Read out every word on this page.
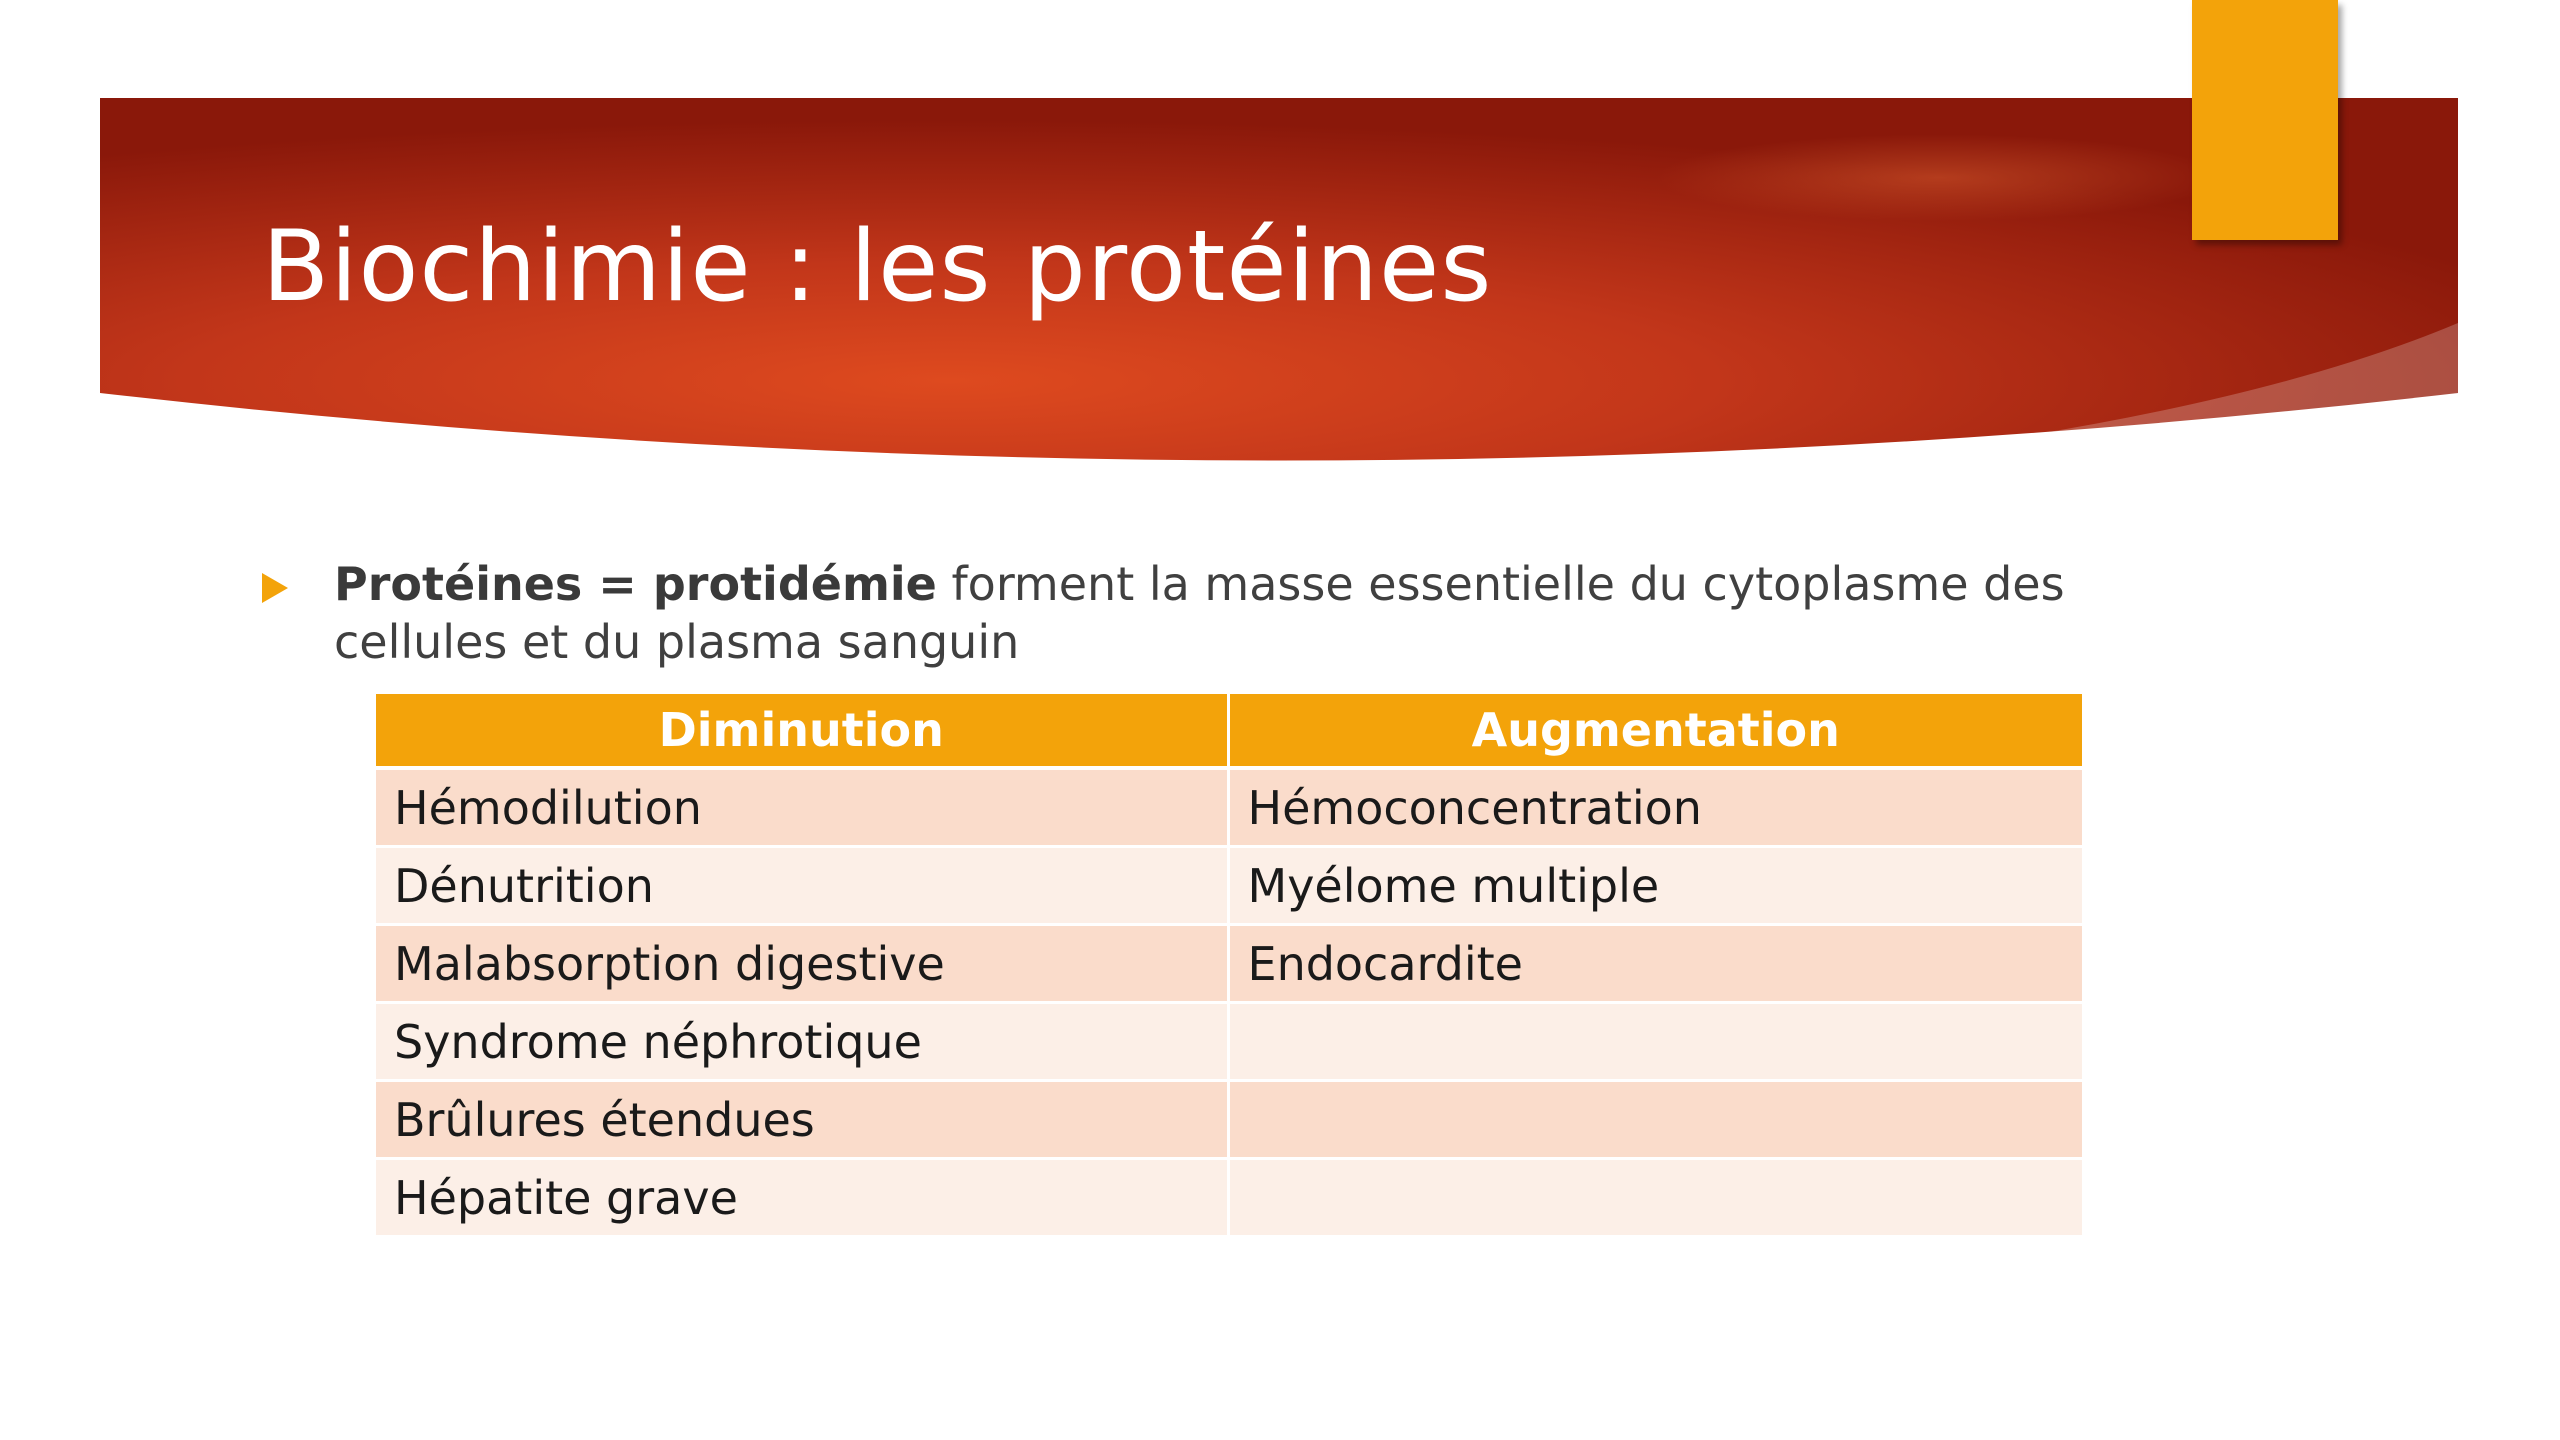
Biochimie : les protéines
Protéines = protidémie forment la masse essentielle du cytoplasme des cellules et du plasma sanguin
Diminution	Augmentation
Hémodilution	Hémoconcentration
Dénutrition	Myélome multiple
Malabsorption digestive	Endocardite
Syndrome néphrotique	
Brûlures étendues	
Hépatite grave	
